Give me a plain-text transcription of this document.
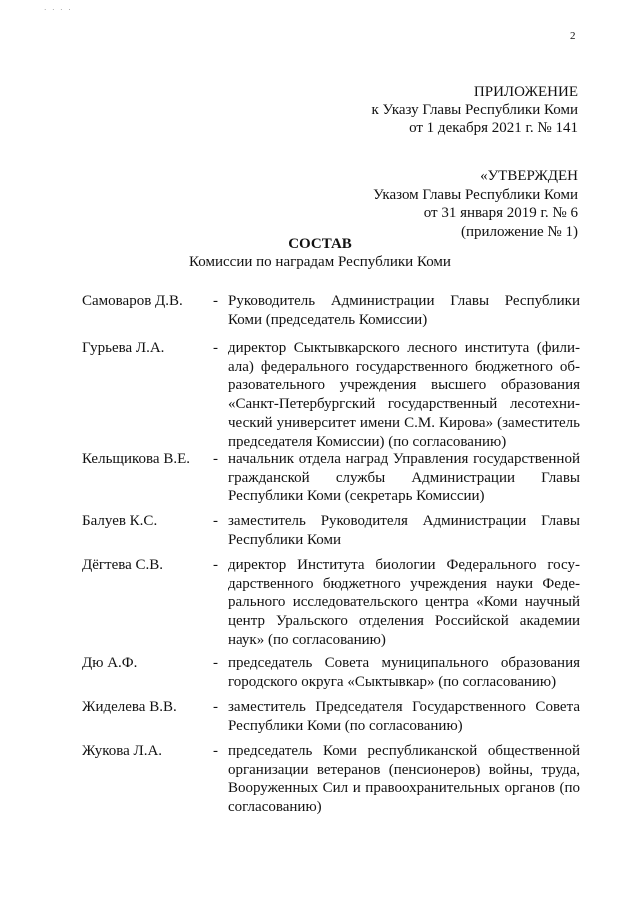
· · · ·
2
ПРИЛОЖЕНИЕ
к Указу Главы Республики Коми
от 1 декабря 2021 г. № 141
«УТВЕРЖДЕН
Указом Главы Республики Коми
от 31 января 2019 г. № 6
(приложение № 1)
СОСТАВ
Комиссии по наградам Республики Коми
Самоваров Д.В. - Руководитель Администрации Главы Республики Коми (председатель Комиссии)
Гурьева Л.А.	- директор Сыктывкарского лесного института (филиала) федерального государственного бюджетного образовательного учреждения высшего образования «Санкт-Петербургский государственный лесотехнический университет имени С.М. Кирова» (заместитель председателя Комиссии) (по согласованию)
Кельщикова В.Е. - начальник отдела наград Управления государственной гражданской службы Администрации Главы Республики Коми (секретарь Комиссии)
Балуев К.С.	- заместитель Руководителя Администрации Главы Республики Коми
Дёгтева С.В.	- директор Института биологии Федерального государственного бюджетного учреждения науки Федерального исследовательского центра «Коми научный центр Уральского отделения Российской академии наук» (по согласованию)
Дю А.Ф.	- председатель Совета муниципального образования городского округа «Сыктывкар» (по согласованию)
Жиделева В.В. - заместитель Председателя Государственного Совета Республики Коми (по согласованию)
Жукова Л.А.	- председатель Коми республиканской общественной организации ветеранов (пенсионеров) войны, труда, Вооруженных Сил и правоохранительных органов (по согласованию)
